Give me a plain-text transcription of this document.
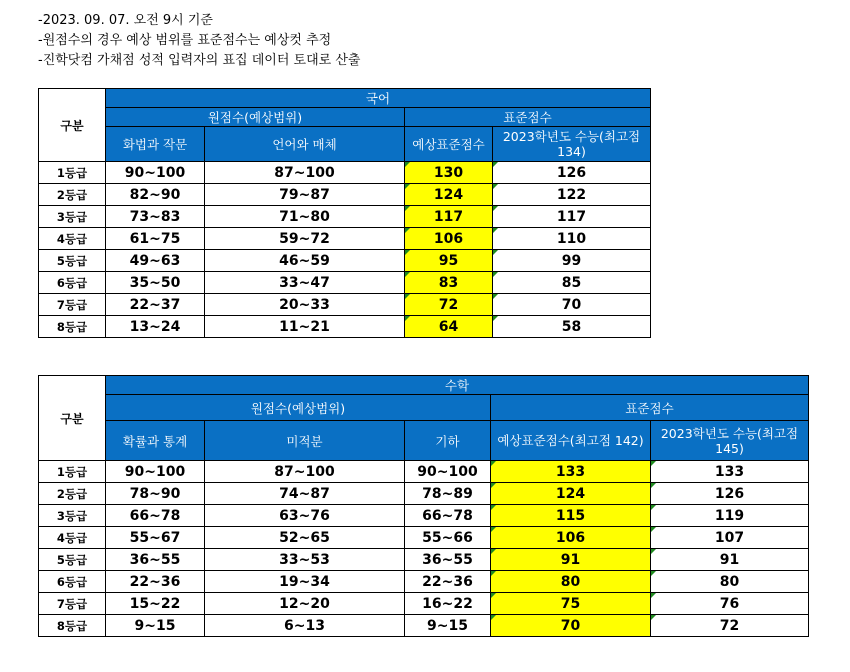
-2023. 09. 07. 오전 9시 기준
-원점수의 경우 예상 범위를 표준점수는 예상컷 추정
-진학닷컴 가채점 성적 입력자의 표집 데이터 토대로 산출
구분	국어			
	원점수(예상범위)		표준점수	
	화법과 작문	언어와 매체	예상표준점수	2023학년도 수능(최고점134)
1등급	90~100	87~100	130	126
2등급	82~90	79~87	124	122
3등급	73~83	71~80	117	117
4등급	61~75	59~72	106	110
5등급	49~63	46~59	95	99
6등급	35~50	33~47	83	85
7등급	22~37	20~33	72	70
8등급	13~24	11~21	64	58
구분	수학				
	원점수(예상범위)			표준점수	
	확률과 통계	미적분	기하	예상표준점수(최고점 142)	2023학년도 수능(최고점145)
1등급	90~100	87~100	90~100	133	133
2등급	78~90	74~87	78~89	124	126
3등급	66~78	63~76	66~78	115	119
4등급	55~67	52~65	55~66	106	107
5등급	36~55	33~53	36~55	91	91
6등급	22~36	19~34	22~36	80	80
7등급	15~22	12~20	16~22	75	76
8등급	9~15	6~13	9~15	70	72
